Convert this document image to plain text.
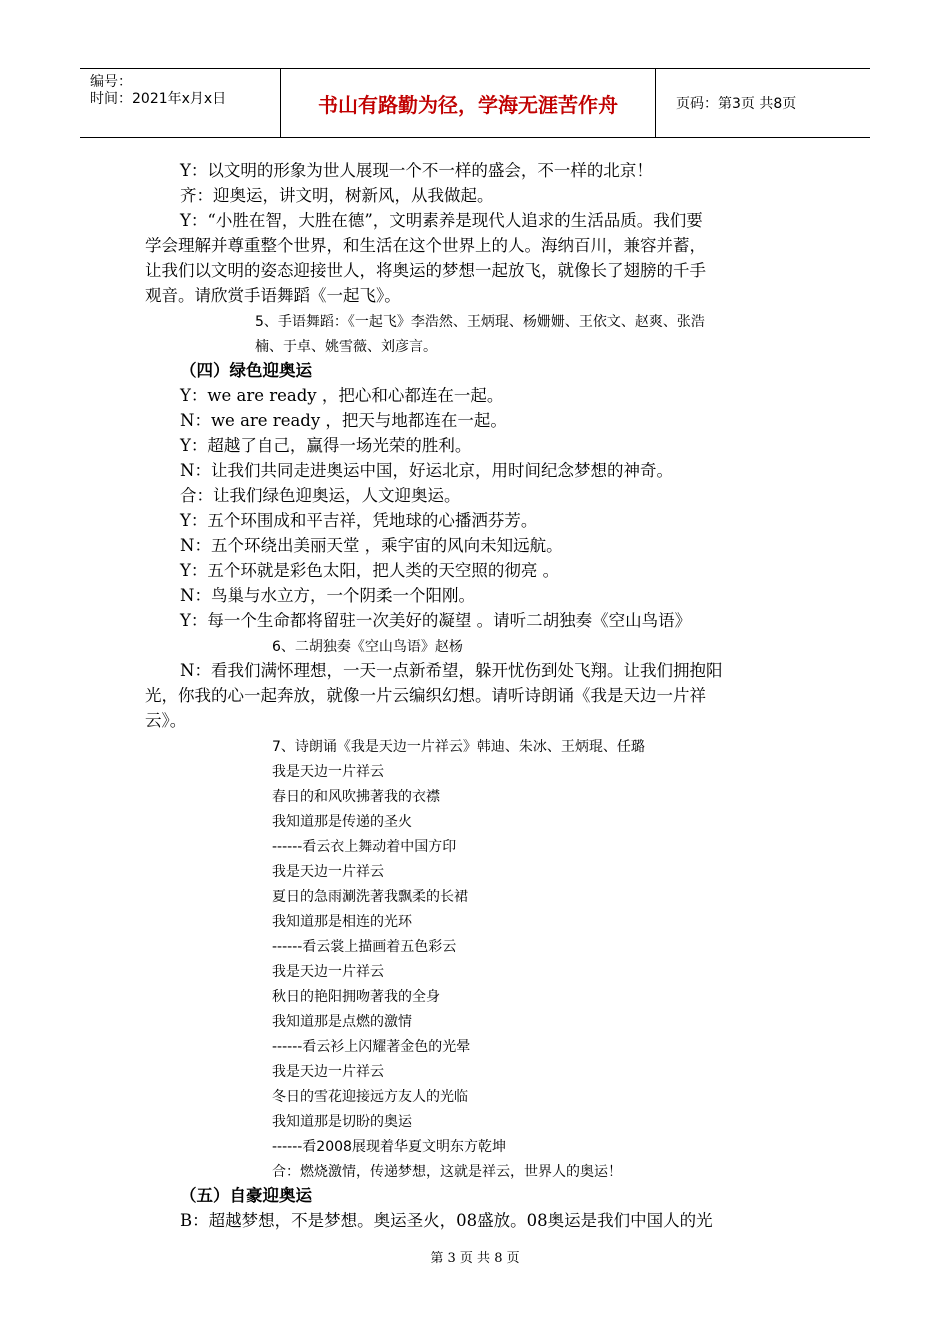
编号：
时间：2021年x月x日	书山有路勤为径，学海无涯苦作舟	页码：第3页 共8页
Y：以文明的形象为世人展现一个不一样的盛会，不一样的北京！
齐：迎奥运，讲文明，树新风，从我做起。
Y：“小胜在智，大胜在德”，文明素养是现代人追求的生活品质。我们要
学会理解并尊重整个世界，和生活在这个世界上的人。海纳百川，兼容并蓄，
让我们以文明的姿态迎接世人，将奥运的梦想一起放飞，就像长了翅膀的千手
观音。请欣赏手语舞蹈《一起飞》。
5、手语舞蹈：《一起飞》李浩然、王炳琨、杨姗姗、王依文、赵爽、张浩
楠、于卓、姚雪薇、刘彦言。
（四）绿色迎奥运
Y：we are ready ，把心和心都连在一起。
N：we are ready ，把天与地都连在一起。
Y：超越了自己，赢得一场光荣的胜利。
N：让我们共同走进奥运中国，好运北京，用时间纪念梦想的神奇。
合：让我们绿色迎奥运，人文迎奥运。
Y：五个环围成和平吉祥，凭地球的心播洒芬芳。
N：五个环绕出美丽天堂 ，乘宇宙的风向未知远航。
Y：五个环就是彩色太阳，把人类的天空照的彻亮 。
N：鸟巢与水立方，一个阴柔一个阳刚。
Y：每一个生命都将留驻一次美好的凝望 。请听二胡独奏《空山鸟语》
6、二胡独奏《空山鸟语》赵杨
N：看我们满怀理想，一天一点新希望，躲开忧伤到处飞翔。让我们拥抱阳
光，你我的心一起奔放，就像一片云编织幻想。请听诗朗诵《我是天边一片祥
云》。
7、诗朗诵《我是天边一片祥云》韩迪、朱冰、王炳琨、任璐
我是天边一片祥云
春日的和风吹拂著我的衣襟
我知道那是传递的圣火
------看云衣上舞动着中国方印
我是天边一片祥云
夏日的急雨涮洗著我飘柔的长裙
我知道那是相连的光环
------看云裳上描画着五色彩云
我是天边一片祥云
秋日的艳阳拥吻著我的全身
我知道那是点燃的激情
------看云衫上闪耀著金色的光晕
我是天边一片祥云
冬日的雪花迎接远方友人的光临
我知道那是切盼的奥运
------看2008展现着华夏文明东方乾坤
合：燃烧激情，传递梦想，这就是祥云，世界人的奥运！
（五）自豪迎奥运
B：超越梦想，不是梦想。奥运圣火，08盛放。08奥运是我们中国人的光
第 3 页 共 8 页
